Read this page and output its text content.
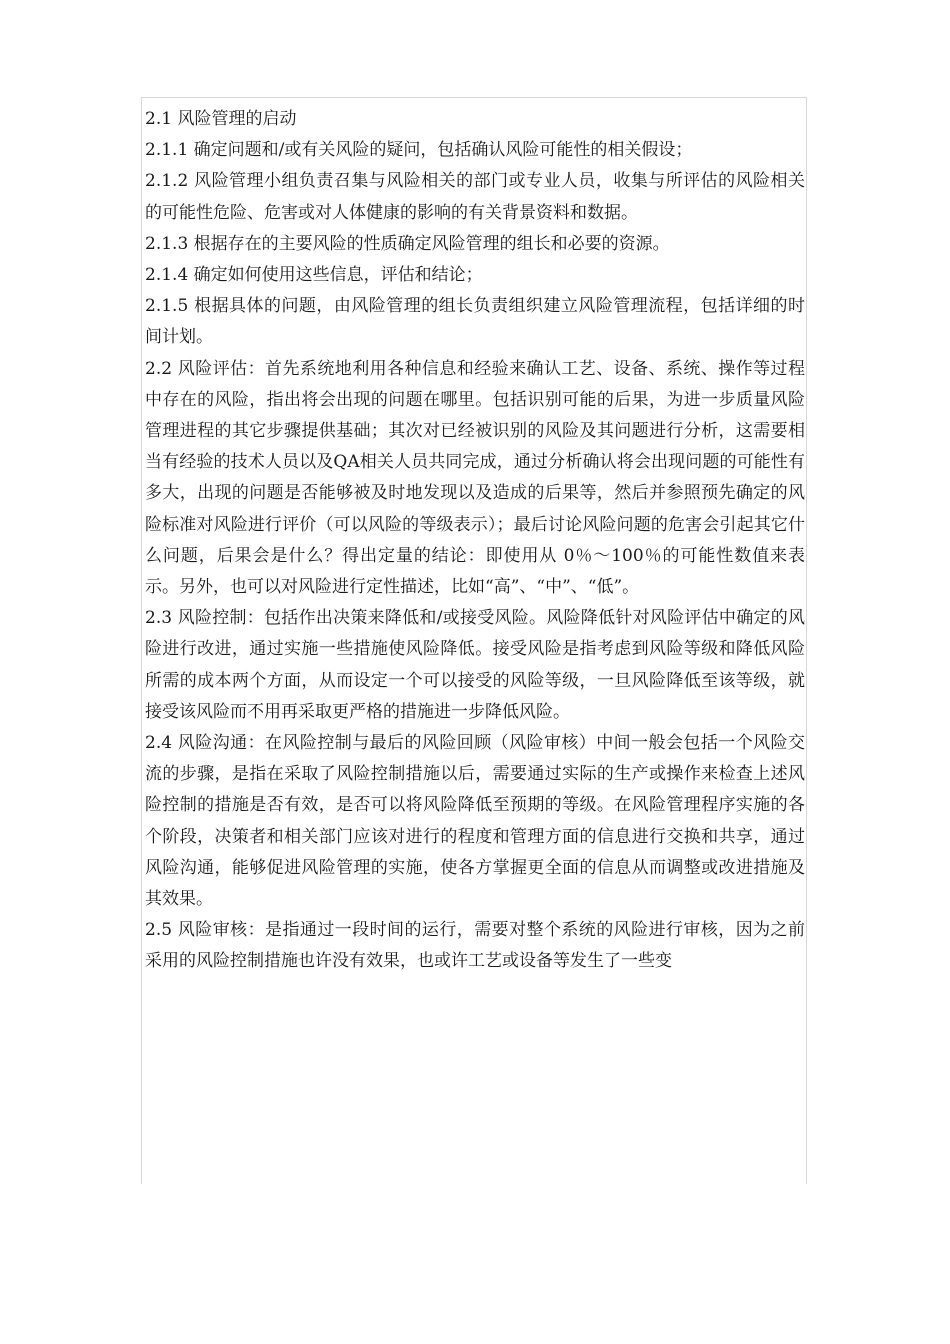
2.1 风险管理的启动

2.1.1 确定问题和/或有关风险的疑问，包括确认风险可能性的相关假设；

2.1.2 风险管理小组负责召集与风险相关的部门或专业人员，收集与所评估的风险相关的可能性危险、危害或对人体健康的影响的有关背景资料和数据。

2.1.3 根据存在的主要风险的性质确定风险管理的组长和必要的资源。

2.1.4 确定如何使用这些信息，评估和结论；

2.1.5 根据具体的问题，由风险管理的组长负责组织建立风险管理流程，包括详细的时间计划。

2.2 风险评估：首先系统地利用各种信息和经验来确认工艺、设备、系统、操作等过程中存在的风险，指出将会出现的问题在哪里。包括识别可能的后果，为进一步质量风险管理进程的其它步骤提供基础；其次对已经被识别的风险及其问题进行分析，这需要相当有经验的技术人员以及QA相关人员共同完成，通过分析确认将会出现问题的可能性有多大，出现的问题是否能够被及时地发现以及造成的后果等，然后并参照预先确定的风险标准对风险进行评价（可以风险的等级表示）；最后讨论风险问题的危害会引起其它什么问题，后果会是什么？得出定量的结论：即使用从 0％～100％的可能性数值来表示。另外，也可以对风险进行定性描述，比如“高”、“中”、“低”。

2.3 风险控制：包括作出决策来降低和/或接受风险。风险降低针对风险评估中确定的风险进行改进，通过实施一些措施使风险降低。接受风险是指考虑到风险等级和降低风险所需的成本两个方面，从而设定一个可以接受的风险等级，一旦风险降低至该等级，就接受该风险而不用再采取更严格的措施进一步降低风险。

2.4 风险沟通：在风险控制与最后的风险回顾（风险审核）中间一般会包括一个风险交流的步骤，是指在采取了风险控制措施以后，需要通过实际的生产或操作来检查上述风险控制的措施是否有效，是否可以将风险降低至预期的等级。在风险管理程序实施的各个阶段，决策者和相关部门应该对进行的程度和管理方面的信息进行交换和共享，通过风险沟通，能够促进风险管理的实施，使各方掌握更全面的信息从而调整或改进措施及其效果。

2.5 风险审核：是指通过一段时间的运行，需要对整个系统的风险进行审核，因为之前采用的风险控制措施也许没有效果，也或许工艺或设备等发生了一些变
